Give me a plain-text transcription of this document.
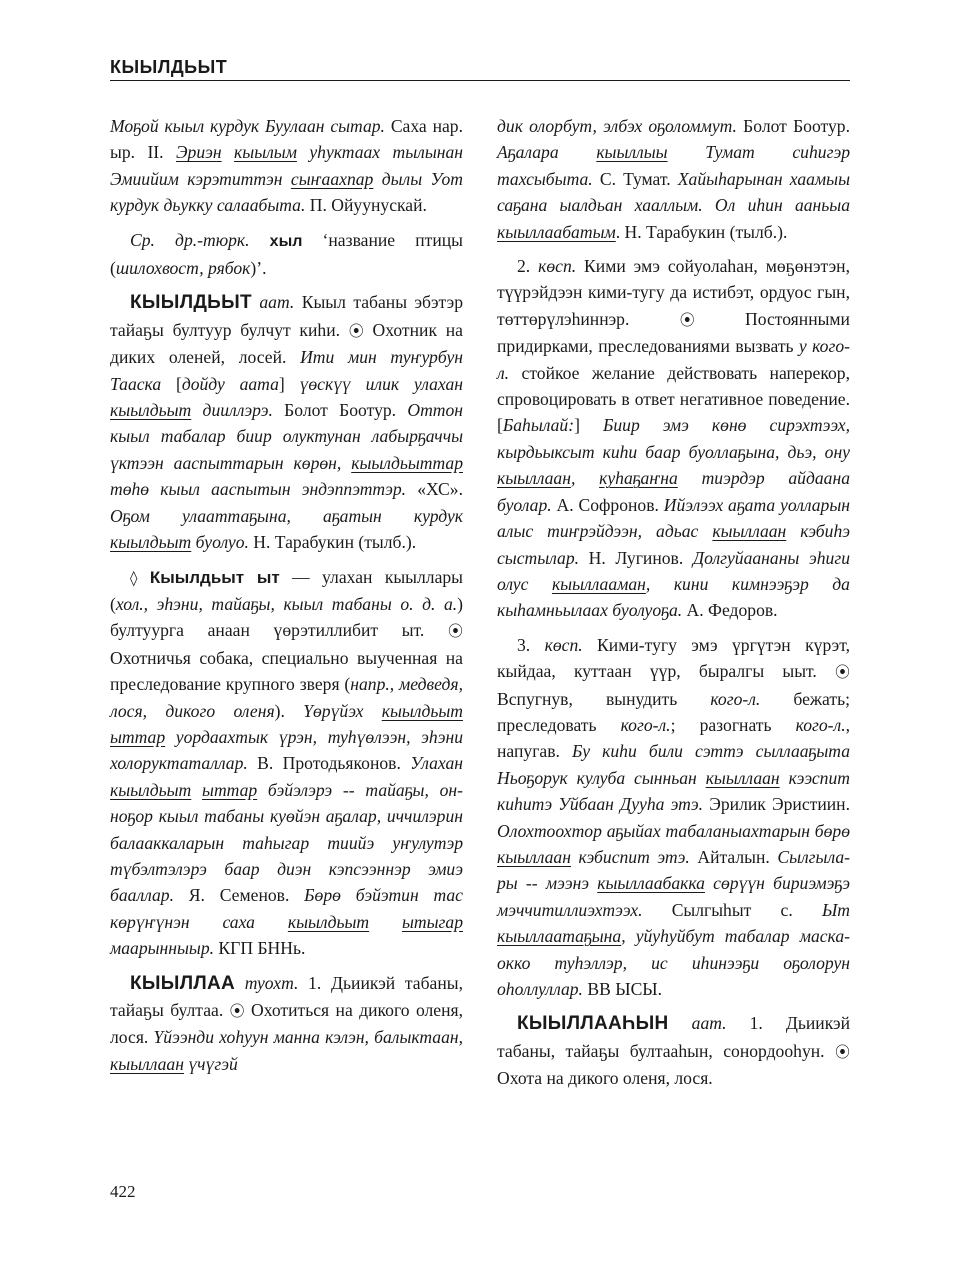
КЫЫЛДЬЫТ

Моҕой кыыл курдук Буулаан сытар. Саха нар. ыр. II. Эриэн кыылым уһуктаах тылынан Эмиийим кэрэтиттэн сыҥаахпар дылы Уот курдук дьукку салаабыта. П. Ойуунускай.

Ср. др.-тюрк. хыл ‘название птицы (шилохвост, рябок)’.

КЫЫЛДЬЫТ аат. Кыыл табаны эбэтэр тайаҕы бултуур булчут киһи. ⦿ Охотник на диких оленей, лосей. Ити мин туҥурбун Тааска [дойду аата] үөскүү илик улахан кыылдьыт дииллэрэ. Болот Боотур. Оттон кыыл табалар биир олуктунан лабырҕаччы үктээн ааспыттарын көрөн, кыылдьыттар төһө кыыл ааспытын эндэппэттэр. «ХС». Оҕом улааттаҕына, аҕатын курдук кыылдьыт буолуо. Н. Тарабукин (тылб.).

◊ Кыылдьыт ыт — улахан кыыллары (хол., эһэни, тайаҕы, кыыл табаны о. д. а.) бултуурга анаан үөрэтиллибит ыт. ⦿ Охотничья собака, специально выученная на преследование крупного зверя (напр., медведя, лося, дикого оленя). Үөрүйэх кыылдьыт ыттар уордаахтык үрэн, туһүөлээн, эһэни холоруктаталлар. В. Протодьяконов. Улахан кыылдьыт ыттар бэйэлэрэ -- тайаҕы, онноҕор кыыл табаны куөйэн аҕалар, иччилэрин балааккаларын таһыгар тиийэ уҥулутэр түбэлтэлэрэ баар диэн кэпсээннэр эмиэ бааллар. Я. Семенов. Бөрө бэйэтин тас көрүҥүнэн саха кыылдьыт ытыгар маарынныыр. КГП БННь.

КЫЫЛЛАА туохт. 1. Дьиикэй табаны, тайаҕы бултаа. ⦿ Охотиться на дикого оленя, лося. Үйээнди хоһуун манна кэлэн, балыктаан, кыыллаан үчүгэй

дик олорбут, элбэх оҕоломмут. Болот Боотур. Аҕалара кыыллыы Тумат сиһигэр тахсыбыта. С. Тумат. Хайыһарынан хаамыы саҕана ыалдьан хааллым. Ол иһин ааньыа кыыллаабатым. Н. Тарабукин (тылб.).

2. көсп. Кими эмэ сойуолаһан, мөҕөнэтэн, түүрэйдээн кими-тугу да истибэт, ордуос гын, төттөрүлэһиннэр. ⦿ Постоянными придирками, преследованиями вызвать у кого-л. стойкое желание действовать наперекор, спровоцировать в ответ негативное поведение. [Баһылай:] Биир эмэ көнө сирэхтээх, кырдьыксыт киһи баар буоллаҕына, дьэ, ону кыыллаан, куһаҕаҥна тиэрдэр айдаана буолар. А. Софронов. Ийэлээх аҕата уолларын алыс тиҥрэйдээн, адьас кыыллаан кэбиһэ сыстылар. Н. Лугинов. Долгуйаананы эһиги олус кыыллааман, кини кимнээҕэр да кыһамньылаах буолуоҕа. А. Федоров.

3. көсп. Кими-тугу эмэ үргүтэн күрэт, кыйдаа, куттаан үүр, быралгы ыыт. ⦿ Вспугнув, вынудить кого-л. бежать; преследовать кого-л.; разогнать кого-л., напугав. Бу киһи били сэттэ сыллааҕыта Ньоҕорук кулуба сынньан кыыллаан кээспит киһитэ Уйбаан Дууһа этэ. Эрилик Эристиин. Олохтоохтор аҕыйах табаланыахтарын бөрө кыыллаан кэбиспит этэ. Айталын. Сылгылары -- мээнэ кыыллаабакка сөрүүн бириэмэҕэ мэччитиллиэхтээх. Сылгыһыт с. Ыт кыыллаатаҕына, уйуһуйбут табалар маска-окко туһэллэр, ис иһинээҕи оҕолорун оһоллуллар. ВВ ЫСЫ.

КЫЫЛЛААҺЫН аат. 1. Дьиикэй табаны, тайаҕы бултааһын, сонордооһун. ⦿ Охота на дикого оленя, лося.

422
